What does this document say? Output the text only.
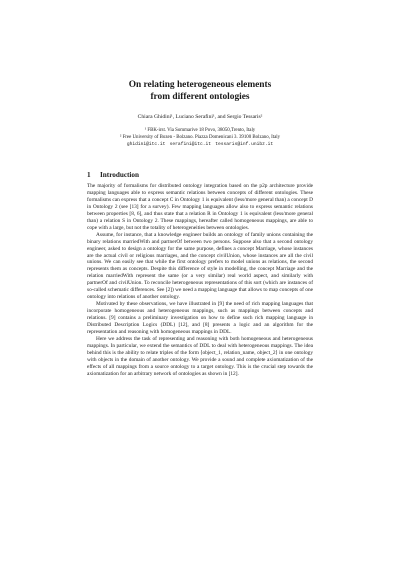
On relating heterogeneous elements
from different ontologies
Chiara Ghidini¹, Luciano Serafini¹, and Sergio Tessaris²
¹ FBK-irst. Via Sommarive 18 Povo, 38050,Trento, Italy
² Free University of Bozen - Bolzano. Piazza Domenicani 3. 39100 Bolzano, Italy
ghidini@itc.it serafini@itc.it tessaris@inf.unibz.it
1 Introduction

The majority of formalisms for distributed ontology integration based on the p2p architecture provide mapping languages able to express semantic relations between concepts of different ontologies. These formalisms can express that a concept C in Ontology 1 is equivalent (less/more general than) a concept D in Ontology 2 (see [13] for a survey). Few mapping languages allow also to express semantic relations between properties [8, 6], and thus state that a relation R in Ontology 1 is equivalent (less/more general than) a relation S in Ontology 2. These mappings, hereafter called homogeneous mappings, are able to cope with a large, but not the totality of heterogeneities between ontologies.

Assume, for instance, that a knowledge engineer builds an ontology of family unions containing the binary relations marriedWith and partnerOf between two persons. Suppose also that a second ontology engineer, asked to design a ontology for the same purpose, defines a concept Marriage, whose instances are the actual civil or religious marriages, and the concept civilUnion, whose instances are all the civil unions. We can easily see that while the first ontology prefers to model unions as relations, the second represents them as concepts. Despite this difference of style in modelling, the concept Marriage and the relation marriedWith represent the same (or a very similar) real world aspect, and similarly with partnerOf and civilUnion. To reconcile heterogeneous representations of this sort (which are instances of so-called schematic differences. See [2]) we need a mapping language that allows to map concepts of one ontology into relations of another ontology.

Motivated by these observations, we have illustrated in [9] the need of rich mapping languages that incorporate homogeneous and heterogeneous mappings, such as mappings between concepts and relations. [9] contains a preliminary investigation on how to define such rich mapping language in Distributed Description Logics (DDL) [12], and [8] presents a logic and an algorithm for the representation and reasoning with homogeneous mappings in DDL.

Here we address the task of representing and reasoning with both homogeneous and heterogeneous mappings. In particular, we extend the semantics of DDL to deal with heterogeneous mappings. The idea behind this is the ability to relate triples of the form ⟨object_1, relation_name, object_2⟩ in one ontology with objects in the domain of another ontology. We provide a sound and complete axiomatization of the effects of all mappings from a source ontology to a target ontology. This is the crucial step towards the axiomatization for an arbitrary network of ontologies as shown in [12].
